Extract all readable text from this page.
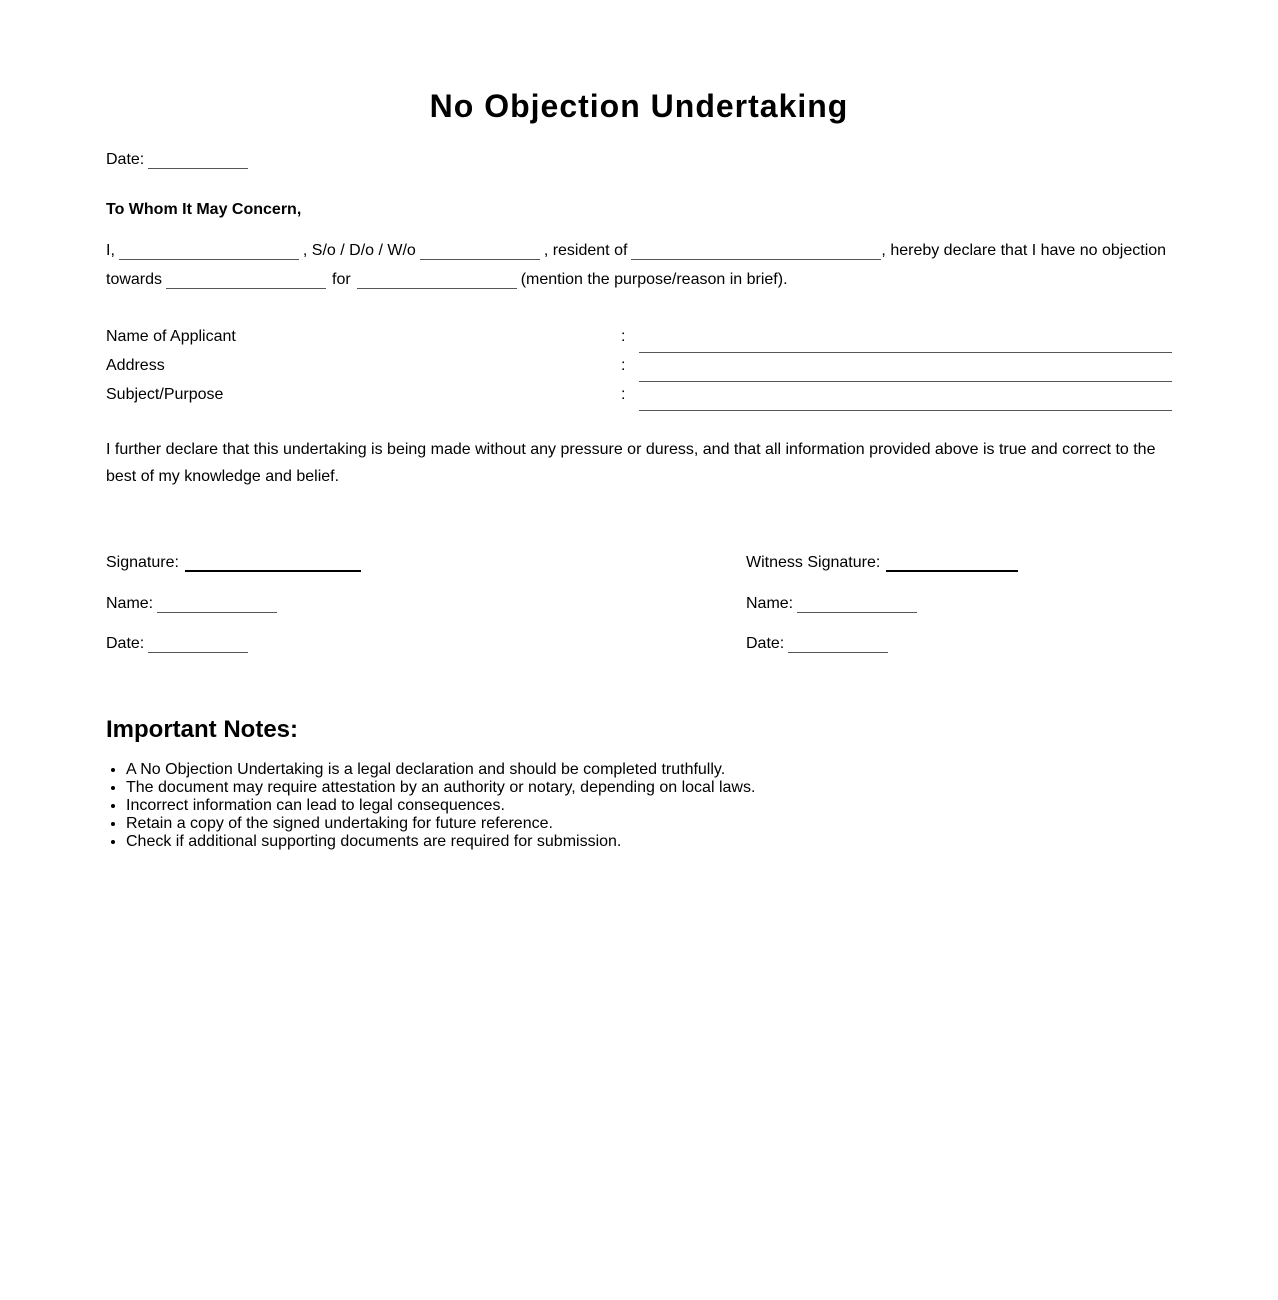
No Objection Undertaking
Date:
To Whom It May Concern,
I,	, S/o / D/o / W/o	, resident of	, hereby declare that I have no objection
towards	for	(mention the purpose/reason in brief).
Name of Applicant	:
Address	:
Subject/Purpose	:
I further declare that this undertaking is being made without any pressure or duress, and that all information provided above is true and correct to the best of my knowledge and belief.
Signature:
Name:
Date:
Witness Signature:
Name:
Date:
Important Notes:
• A No Objection Undertaking is a legal declaration and should be completed truthfully.
• The document may require attestation by an authority or notary, depending on local laws.
• Incorrect information can lead to legal consequences.
• Retain a copy of the signed undertaking for future reference.
• Check if additional supporting documents are required for submission.
